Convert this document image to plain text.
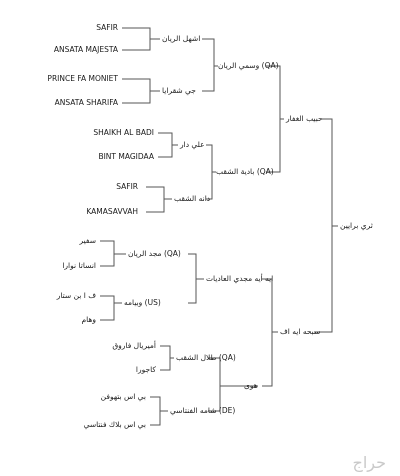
SAFIR
ANSATA MAJESTA
PRINCE FA MONIET
ANSATA SHARIFA
SHAIKH AL BADI
BINT MAGIDAA
SAFIR
KAMASAVVAH
سفير
انساتا نوارا
ف ا بن ستار
وهام
أميريال فاروق
كاجورا
بي اس بتهوفن
بي اس بلاك فنتاسي
اشهل الريان
جي شقرايا
علي دار
دانه الشقب
مجد الريان (QA)
وبيامه (US)
طلال الشقب (QA)
شامه الفنتاسي (DE)
وسمي الريان (QA)
بادية الشقب (QA)
ايه أيه مجدي العاديات
هوى
حبيب الغفار
سبحه ايه اف
ثري برايين
حراج
